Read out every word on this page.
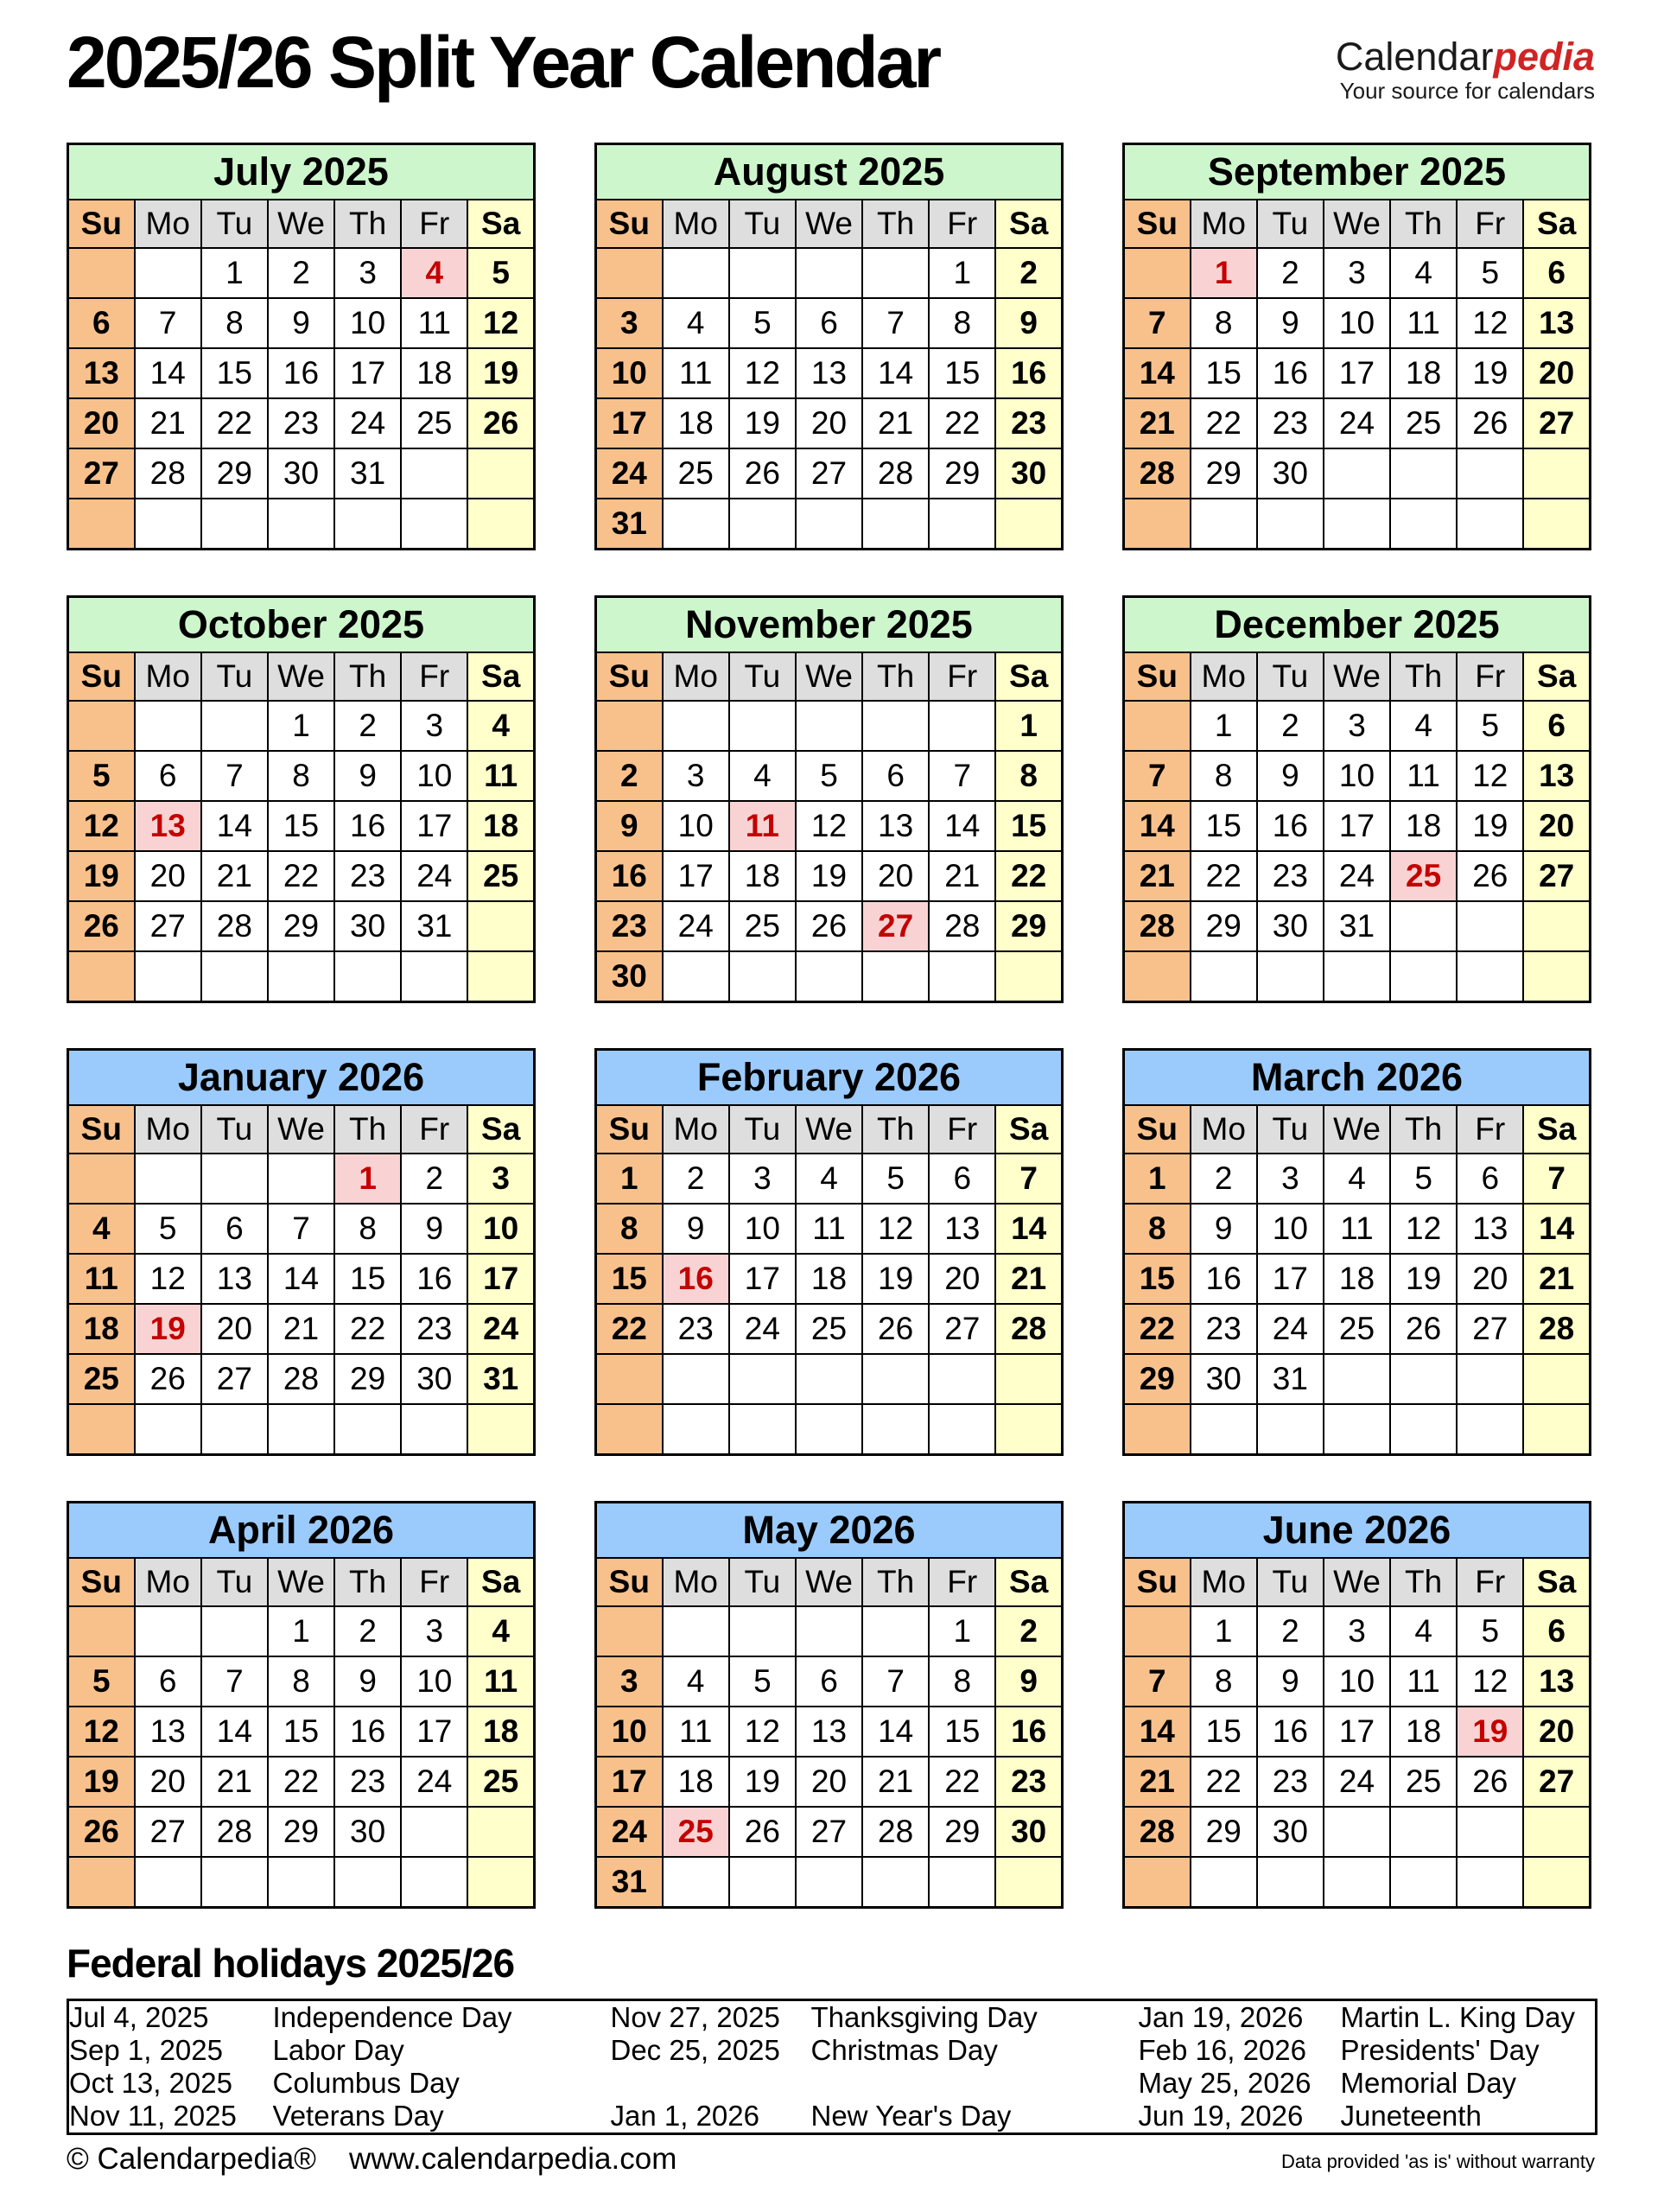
2025/26 Split Year Calendar	Calendarpedia
Your source for calendars
July 2025						
Su	Mo	Tu	We	Th	Fr	Sa
		1	2	3	4	5
6	7	8	9	10	11	12
13	14	15	16	17	18	19
20	21	22	23	24	25	26
27	28	29	30	31		

August 2025						
Su	Mo	Tu	We	Th	Fr	Sa
					1	2
3	4	5	6	7	8	9
10	11	12	13	14	15	16
17	18	19	20	21	22	23
24	25	26	27	28	29	30
31						
September 2025						
Su	Mo	Tu	We	Th	Fr	Sa
	1	2	3	4	5	6
7	8	9	10	11	12	13
14	15	16	17	18	19	20
21	22	23	24	25	26	27
28	29	30				

October 2025						
Su	Mo	Tu	We	Th	Fr	Sa
			1	2	3	4
5	6	7	8	9	10	11
12	13	14	15	16	17	18
19	20	21	22	23	24	25
26	27	28	29	30	31	

November 2025						
Su	Mo	Tu	We	Th	Fr	Sa
						1
2	3	4	5	6	7	8
9	10	11	12	13	14	15
16	17	18	19	20	21	22
23	24	25	26	27	28	29
30						
December 2025						
Su	Mo	Tu	We	Th	Fr	Sa
	1	2	3	4	5	6
7	8	9	10	11	12	13
14	15	16	17	18	19	20
21	22	23	24	25	26	27
28	29	30	31			

January 2026						
Su	Mo	Tu	We	Th	Fr	Sa
				1	2	3
4	5	6	7	8	9	10
11	12	13	14	15	16	17
18	19	20	21	22	23	24
25	26	27	28	29	30	31

February 2026						
Su	Mo	Tu	We	Th	Fr	Sa
1	2	3	4	5	6	7
8	9	10	11	12	13	14
15	16	17	18	19	20	21
22	23	24	25	26	27	28

March 2026						
Su	Mo	Tu	We	Th	Fr	Sa
1	2	3	4	5	6	7
8	9	10	11	12	13	14
15	16	17	18	19	20	21
22	23	24	25	26	27	28
29	30	31				

April 2026						
Su	Mo	Tu	We	Th	Fr	Sa
			1	2	3	4
5	6	7	8	9	10	11
12	13	14	15	16	17	18
19	20	21	22	23	24	25
26	27	28	29	30		

May 2026						
Su	Mo	Tu	We	Th	Fr	Sa
					1	2
3	4	5	6	7	8	9
10	11	12	13	14	15	16
17	18	19	20	21	22	23
24	25	26	27	28	29	30
31						
June 2026						
Su	Mo	Tu	We	Th	Fr	Sa
	1	2	3	4	5	6
7	8	9	10	11	12	13
14	15	16	17	18	19	20
21	22	23	24	25	26	27
28	29	30				

Federal holidays 2025/26
Jul 4, 2025	Independence Day	Nov 27, 2025	Thanksgiving Day	Jan 19, 2026	Martin L. King Day
Sep 1, 2025	Labor Day	Dec 25, 2025	Christmas Day	Feb 16, 2026	Presidents' Day
Oct 13, 2025	Columbus Day			May 25, 2026	Memorial Day
Nov 11, 2025	Veterans Day	Jan 1, 2026	New Year's Day	Jun 19, 2026	Juneteenth
© Calendarpedia® www.calendarpedia.com	Data provided 'as is' without warranty
